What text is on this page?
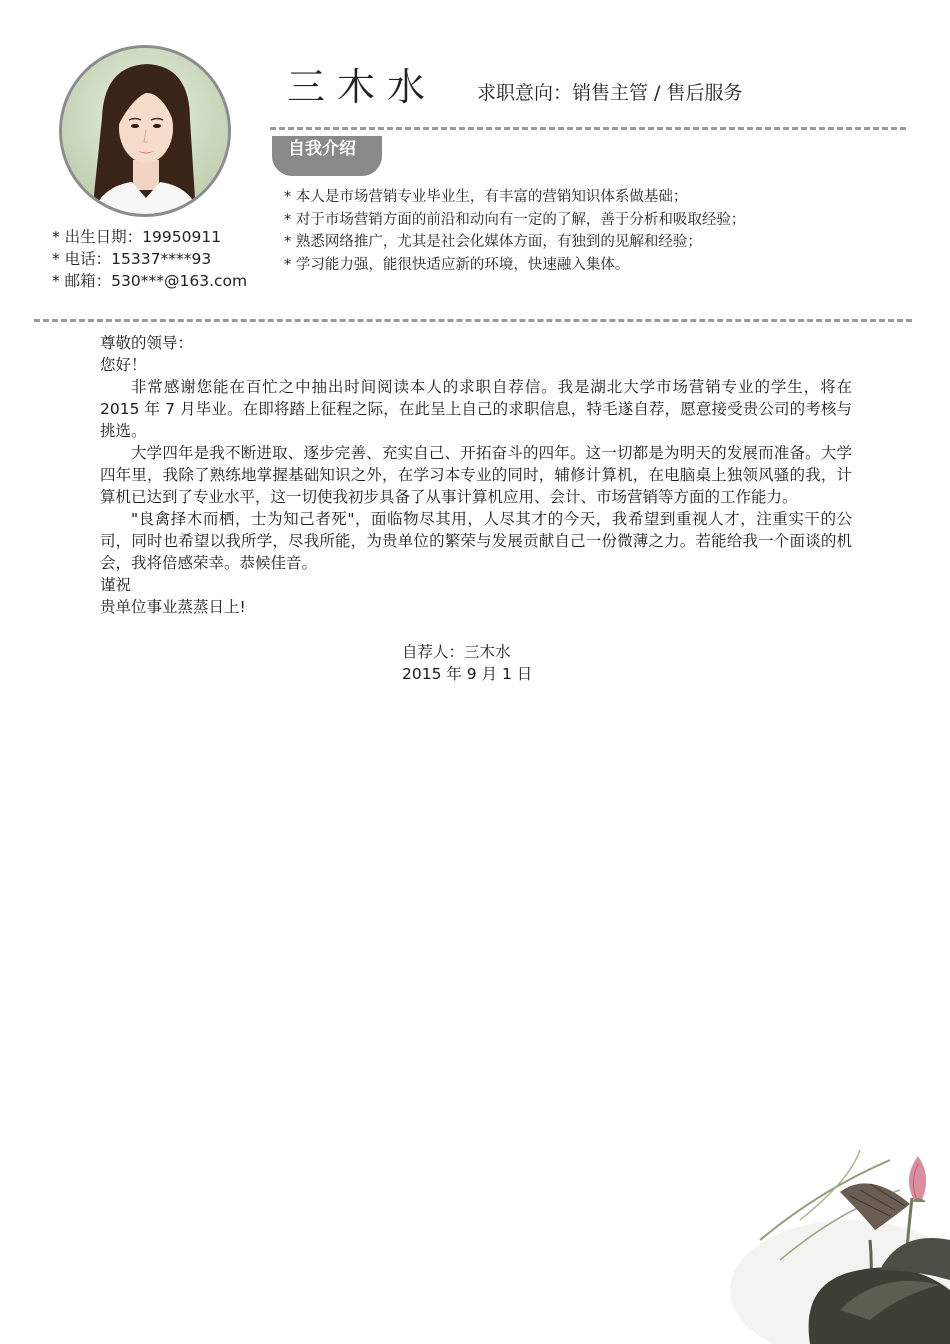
三木水 求职意向：销售主管 / 售后服务
自我介绍
* 本人是市场营销专业毕业生，有丰富的营销知识体系做基础；
* 对于市场营销方面的前沿和动向有一定的了解，善于分析和吸取经验；
* 熟悉网络推广，尤其是社会化媒体方面，有独到的见解和经验；
* 学习能力强，能很快适应新的环境，快速融入集体。
* 出生日期：19950911
* 电话：15337****93
* 邮箱：530***@163.com

尊敬的领导：

您好！

非常感谢您能在百忙之中抽出时间阅读本人的求职自荐信。我是湖北大学市场营销专业的学生，将在 2015 年 7 月毕业。在即将踏上征程之际，在此呈上自己的求职信息，特毛遂自荐，愿意接受贵公司的考核与挑选。

大学四年是我不断进取、逐步完善、充实自己、开拓奋斗的四年。这一切都是为明天的发展而准备。大学四年里，我除了熟练地掌握基础知识之外，在学习本专业的同时，辅修计算机，在电脑桌上独领风骚的我，计算机已达到了专业水平，这一切使我初步具备了从事计算机应用、会计、市场营销等方面的工作能力。

"良禽择木而栖，士为知己者死"，面临物尽其用，人尽其才的今天，我希望到重视人才，注重实干的公司，同时也希望以我所学，尽我所能，为贵单位的繁荣与发展贡献自己一份微薄之力。若能给我一个面谈的机会，我将倍感荣幸。恭候佳音。

谨祝

贵单位事业蒸蒸日上!

自荐人：三木水
2015 年 9 月 1 日
